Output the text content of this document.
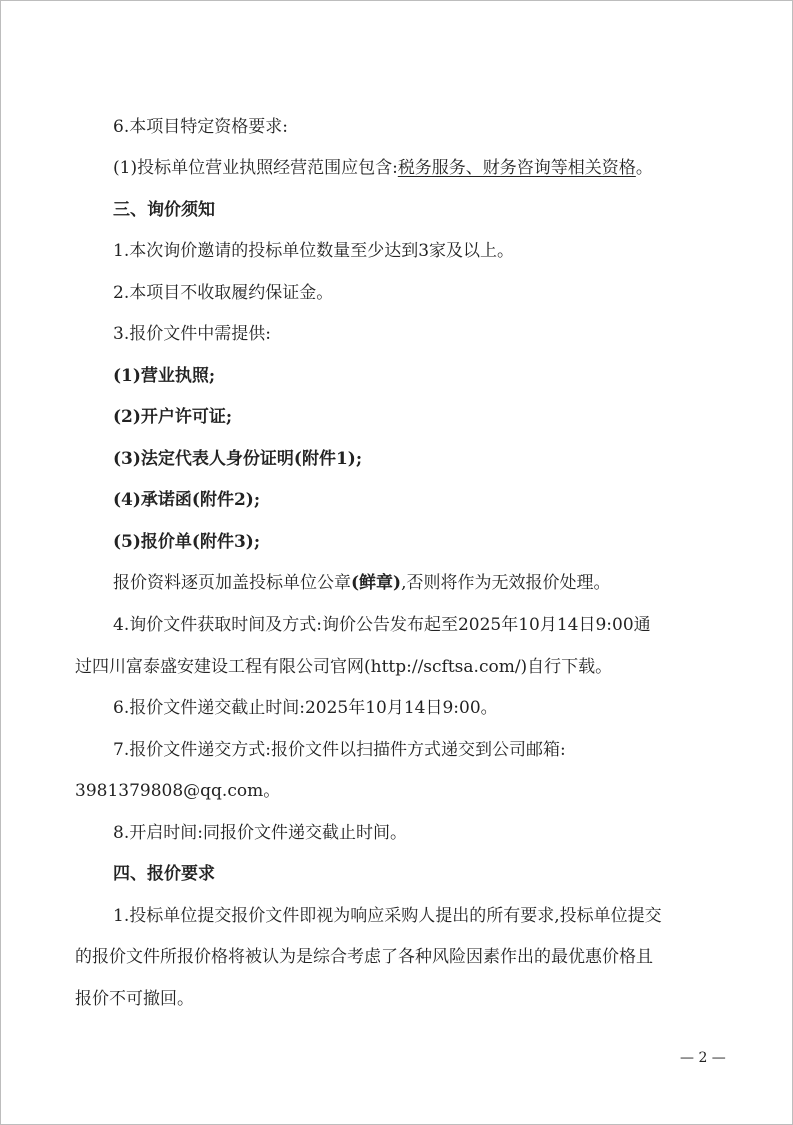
6.本项目特定资格要求:
(1)投标单位营业执照经营范围应包含:税务服务、财务咨询等相关资格。
三、询价须知
1.本次询价邀请的投标单位数量至少达到3家及以上。
2.本项目不收取履约保证金。
3.报价文件中需提供:
(1)营业执照;
(2)开户许可证;
(3)法定代表人身份证明(附件1);
(4)承诺函(附件2);
(5)报价单(附件3);
报价资料逐页加盖投标单位公章(鲜章),否则将作为无效报价处理。
4.询价文件获取时间及方式:询价公告发布起至2025年10月14日9:00通
过四川富泰盛安建设工程有限公司官网(http://scftsa.com/)自行下载。
6.报价文件递交截止时间:2025年10月14日9:00。
7.报价文件递交方式:报价文件以扫描件方式递交到公司邮箱:
3981379808@qq.com。
8.开启时间:同报价文件递交截止时间。
四、报价要求
1.投标单位提交报价文件即视为响应采购人提出的所有要求,投标单位提交
的报价文件所报价格将被认为是综合考虑了各种风险因素作出的最优惠价格且
报价不可撤回。
— 2 —
